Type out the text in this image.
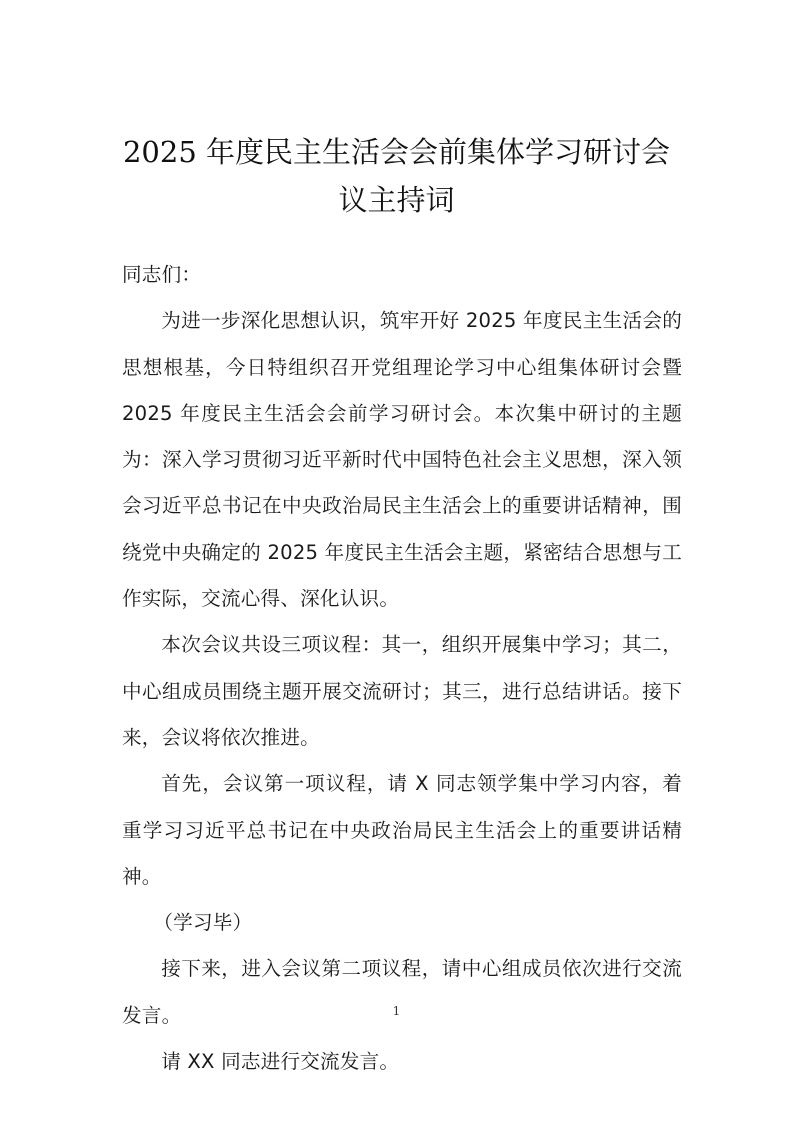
2025 年度民主生活会会前集体学习研讨会
议主持词

同志们：

为进一步深化思想认识，筑牢开好 2025 年度民主生活会的思想根基，今日特组织召开党组理论学习中心组集体研讨会暨 2025 年度民主生活会会前学习研讨会。本次集中研讨的主题为：深入学习贯彻习近平新时代中国特色社会主义思想，深入领会习近平总书记在中央政治局民主生活会上的重要讲话精神，围绕党中央确定的 2025 年度民主生活会主题，紧密结合思想与工作实际，交流心得、深化认识。

本次会议共设三项议程：其一，组织开展集中学习；其二，中心组成员围绕主题开展交流研讨；其三，进行总结讲话。接下来，会议将依次推进。

首先，会议第一项议程，请 X 同志领学集中学习内容，着重学习习近平总书记在中央政治局民主生活会上的重要讲话精神。

（学习毕）

接下来，进入会议第二项议程，请中心组成员依次进行交流发言。

请 XX 同志进行交流发言。

1
